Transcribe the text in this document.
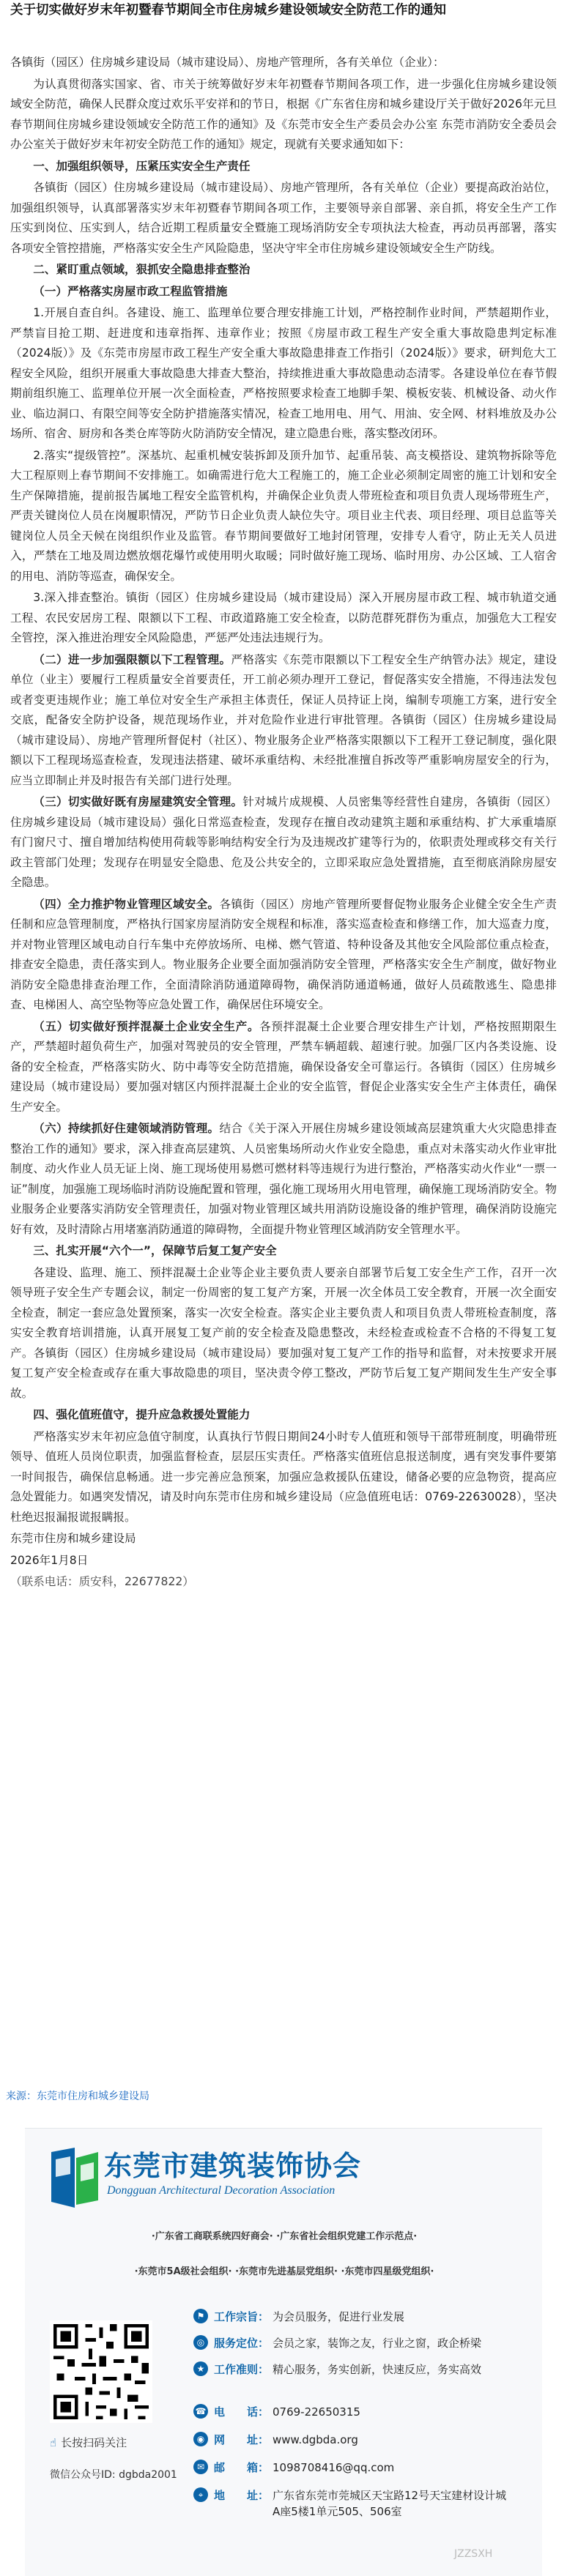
关于切实做好岁末年初暨春节期间全市住房城乡建设领域安全防范工作的通知

各镇街（园区）住房城乡建设局（城市建设局）、房地产管理所，各有关单位（企业）：

为认真贯彻落实国家、省、市关于统筹做好岁末年初暨春节期间各项工作，进一步强化住房城乡建设领域安全防范，确保人民群众度过欢乐平安祥和的节日，根据《广东省住房和城乡建设厅关于做好2026年元旦春节期间住房城乡建设领域安全防范工作的通知》及《东莞市安全生产委员会办公室 东莞市消防安全委员会办公室关于做好岁末年初安全防范工作的通知》规定，现就有关要求通知如下：

一、加强组织领导，压紧压实安全生产责任

各镇街（园区）住房城乡建设局（城市建设局）、房地产管理所，各有关单位（企业）要提高政治站位，加强组织领导，认真部署落实岁末年初暨春节期间各项工作，主要领导亲自部署、亲自抓，将安全生产工作压实到岗位、压实到人，结合近期工程质量安全暨施工现场消防安全专项执法大检查，再动员再部署，落实各项安全管控措施，严格落实安全生产风险隐患，坚决守牢全市住房城乡建设领域安全生产防线。

二、紧盯重点领域，狠抓安全隐患排查整治

（一）严格落实房屋市政工程监管措施

1.开展自查自纠。各建设、施工、监理单位要合理安排施工计划，严格控制作业时间，严禁超期作业，严禁盲目抢工期、赶进度和违章指挥、违章作业；按照《房屋市政工程生产安全重大事故隐患判定标准（2024版）》及《东莞市房屋市政工程生产安全重大事故隐患排查工作指引（2024版）》要求，研判危大工程安全风险，组织开展重大事故隐患大排查大整治，持续推进重大事故隐患动态清零。各建设单位在春节假期前组织施工、监理单位开展一次全面检查，严格按照要求检查工地脚手架、模板安装、机械设备、动火作业、临边洞口、有限空间等安全防护措施落实情况，检查工地用电、用气、用油、安全网、材料堆放及办公场所、宿舍、厨房和各类仓库等防火防消防安全情况，建立隐患台账，落实整改闭环。

2.落实“提级管控”。深基坑、起重机械安装拆卸及顶升加节、起重吊装、高支模搭设、建筑物拆除等危大工程原则上春节期间不安排施工。如确需进行危大工程施工的，施工企业必须制定周密的施工计划和安全生产保障措施，提前报告属地工程安全监管机构，并确保企业负责人带班检查和项目负责人现场带班生产，严责关键岗位人员在岗履职情况，严防节日企业负责人缺位失守。项目业主代表、项目经理、项目总监等关键岗位人员全天候在岗组织作业及监管。春节期间要做好工地封闭管理，安排专人看守，防止无关人员进入，严禁在工地及周边燃放烟花爆竹或使用明火取暖；同时做好施工现场、临时用房、办公区域、工人宿舍的用电、消防等巡查，确保安全。

3.深入排查整治。镇街（园区）住房城乡建设局（城市建设局）深入开展房屋市政工程、城市轨道交通工程、农民安居房工程、限额以下工程、市政道路施工安全检查，以防范群死群伤为重点，加强危大工程安全管控，深入推进治理安全风险隐患，严惩严处违法违规行为。

（二）进一步加强限额以下工程管理。严格落实《东莞市限额以下工程安全生产纳管办法》规定，建设单位（业主）要履行工程质量安全首要责任，开工前必须办理开工登记，督促落实安全措施，不得违法发包或者变更违规作业；施工单位对安全生产承担主体责任，保证人员持证上岗，编制专项施工方案，进行安全交底，配备安全防护设备，规范现场作业，并对危险作业进行审批管理。各镇街（园区）住房城乡建设局（城市建设局）、房地产管理所督促村（社区）、物业服务企业严格落实限额以下工程开工登记制度，强化限额以下工程现场巡查检查，发现违法搭建、破坏承重结构、未经批准擅自拆改等严重影响房屋安全的行为，应当立即制止并及时报告有关部门进行处理。

（三）切实做好既有房屋建筑安全管理。针对城片成规模、人员密集等经营性自建房，各镇街（园区）住房城乡建设局（城市建设局）强化日常巡查检查，发现存在擅自改动建筑主题和承重结构、扩大承重墙原有门窗尺寸、擅自增加结构使用荷载等影响结构安全行为及违规改扩建等行为的，依职责处理或移交有关行政主管部门处理；发现存在明显安全隐患、危及公共安全的，立即采取应急处置措施，直至彻底消除房屋安全隐患。

（四）全力推护物业管理区域安全。各镇街（园区）房地产管理所要督促物业服务企业健全安全生产责任制和应急管理制度，严格执行国家房屋消防安全规程和标准，落实巡查检查和修缮工作，加大巡查力度，并对物业管理区域电动自行车集中充停放场所、电梯、燃气管道、特种设备及其他安全风险部位重点检查，排查安全隐患，责任落实到人。物业服务企业要全面加强消防安全管理，严格落实安全生产制度，做好物业消防安全隐患排查治理工作，全面清除消防通道障碍物，确保消防通道畅通，做好人员疏散逃生、隐患排查、电梯困人、高空坠物等应急处置工作，确保居住环境安全。

（五）切实做好预拌混凝土企业安全生产。各预拌混凝土企业要合理安排生产计划，严格按照期限生产，严禁超时超负荷生产，加强对驾驶员的安全管理，严禁车辆超载、超速行驶。加强厂区内各类设施、设备的安全检查，严格落实防火、防中毒等安全防范措施，确保设备安全可靠运行。各镇街（园区）住房城乡建设局（城市建设局）要加强对辖区内预拌混凝土企业的安全监管，督促企业落实安全生产主体责任，确保生产安全。

（六）持续抓好住建领域消防管理。结合《关于深入开展住房城乡建设领域高层建筑重大火灾隐患排查整治工作的通知》要求，深入排查高层建筑、人员密集场所动火作业安全隐患，重点对未落实动火作业审批制度、动火作业人员无证上岗、施工现场使用易燃可燃材料等违规行为进行整治，严格落实动火作业“一票一证”制度，加强施工现场临时消防设施配置和管理，强化施工现场用火用电管理，确保施工现场消防安全。物业服务企业要落实消防安全管理责任，加强对物业管理区域共用消防设施设备的维护管理，确保消防设施完好有效，及时清除占用堵塞消防通道的障碍物，全面提升物业管理区域消防安全管理水平。

三、扎实开展“六个一”，保障节后复工复产安全

各建设、监理、施工、预拌混凝土企业等企业主要负责人要亲自部署节后复工安全生产工作，召开一次领导班子安全生产专题会议，制定一份周密的复工复产方案，开展一次全体员工安全教育，开展一次全面安全检查，制定一套应急处置预案，落实一次安全检查。落实企业主要负责人和项目负责人带班检查制度，落实安全教育培训措施，认真开展复工复产前的安全检查及隐患整改，未经检查或检查不合格的不得复工复产。各镇街（园区）住房城乡建设局（城市建设局）要加强对复工复产工作的指导和监督，对未按要求开展复工复产安全检查或存在重大事故隐患的项目，坚决责令停工整改，严防节后复工复产期间发生生产安全事故。

四、强化值班值守，提升应急救援处置能力

严格落实岁末年初应急值守制度，认真执行节假日期间24小时专人值班和领导干部带班制度，明确带班领导、值班人员岗位职责，加强监督检查，层层压实责任。严格落实值班信息报送制度，遇有突发事件要第一时间报告，确保信息畅通。进一步完善应急预案，加强应急救援队伍建设，储备必要的应急物资，提高应急处置能力。如遇突发情况，请及时向东莞市住房和城乡建设局（应急值班电话：0769-22630028），坚决杜绝迟报漏报谎报瞒报。

东莞市住房和城乡建设局

2026年1月8日

（联系电话：质安科，22677822）

来源：东莞市住房和城乡建设局
东莞市建筑装饰协会
Dongguan Architectural Decoration Association
·广东省工商联系统四好商会· ·广东省社会组织党建工作示范点·
·东莞市5A级社会组织· ·东莞市先进基层党组织· ·东莞市四星级党组织·
☝ 长按扫码关注
微信公众号ID: dgbda2001
⚑ 工作宗旨： 为会员服务，促进行业发展
◎ 服务定位： 会员之家，装饰之友，行业之窗，政企桥梁
★ 工作准则： 精心服务，务实创新，快速反应，务实高效
☎ 电　　话： 0769-22650315
◉ 网　　址： www.dgbda.org
✉ 邮　　箱： 1098708416@qq.com
⌖ 地　　址： 广东省东莞市莞城区天宝路12号天宝建材设计城A座5楼1单元505、506室
JZZSXH
